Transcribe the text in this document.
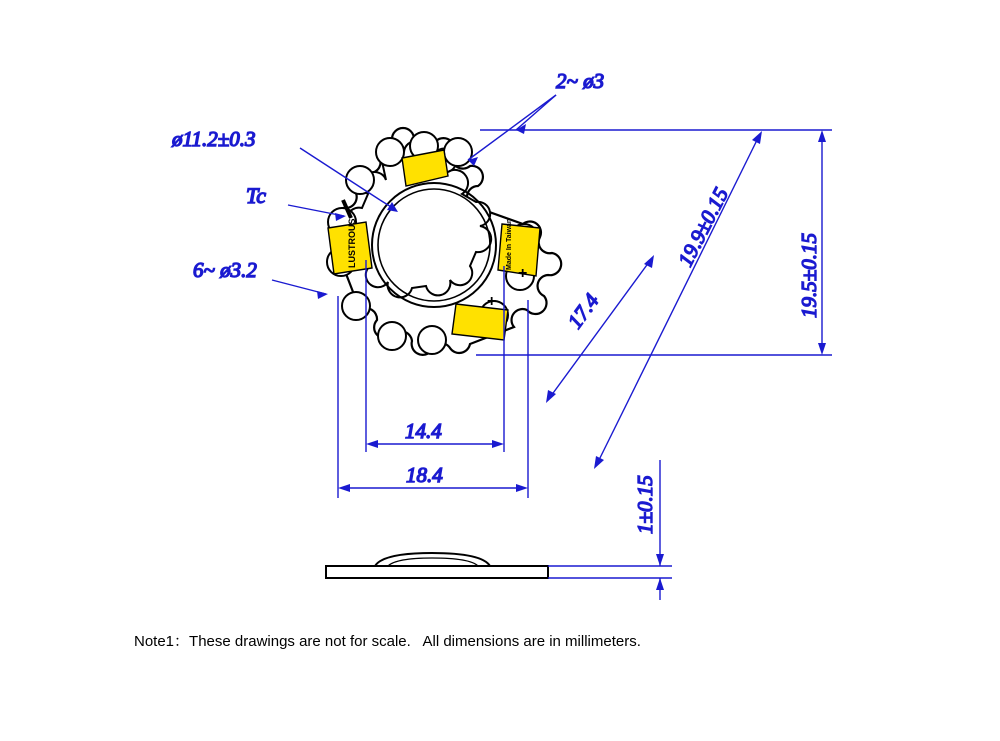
LUSTROUS	Made In Taiwan
+
+
2~ ø3
ø11.2±0.3
Tc
6~ ø3.2	19.5±0.15
19.9±0.15
17.4
14.4
18.4
1±0.15
Note1：These drawings are not for scale.   All dimensions are in millimeters.
